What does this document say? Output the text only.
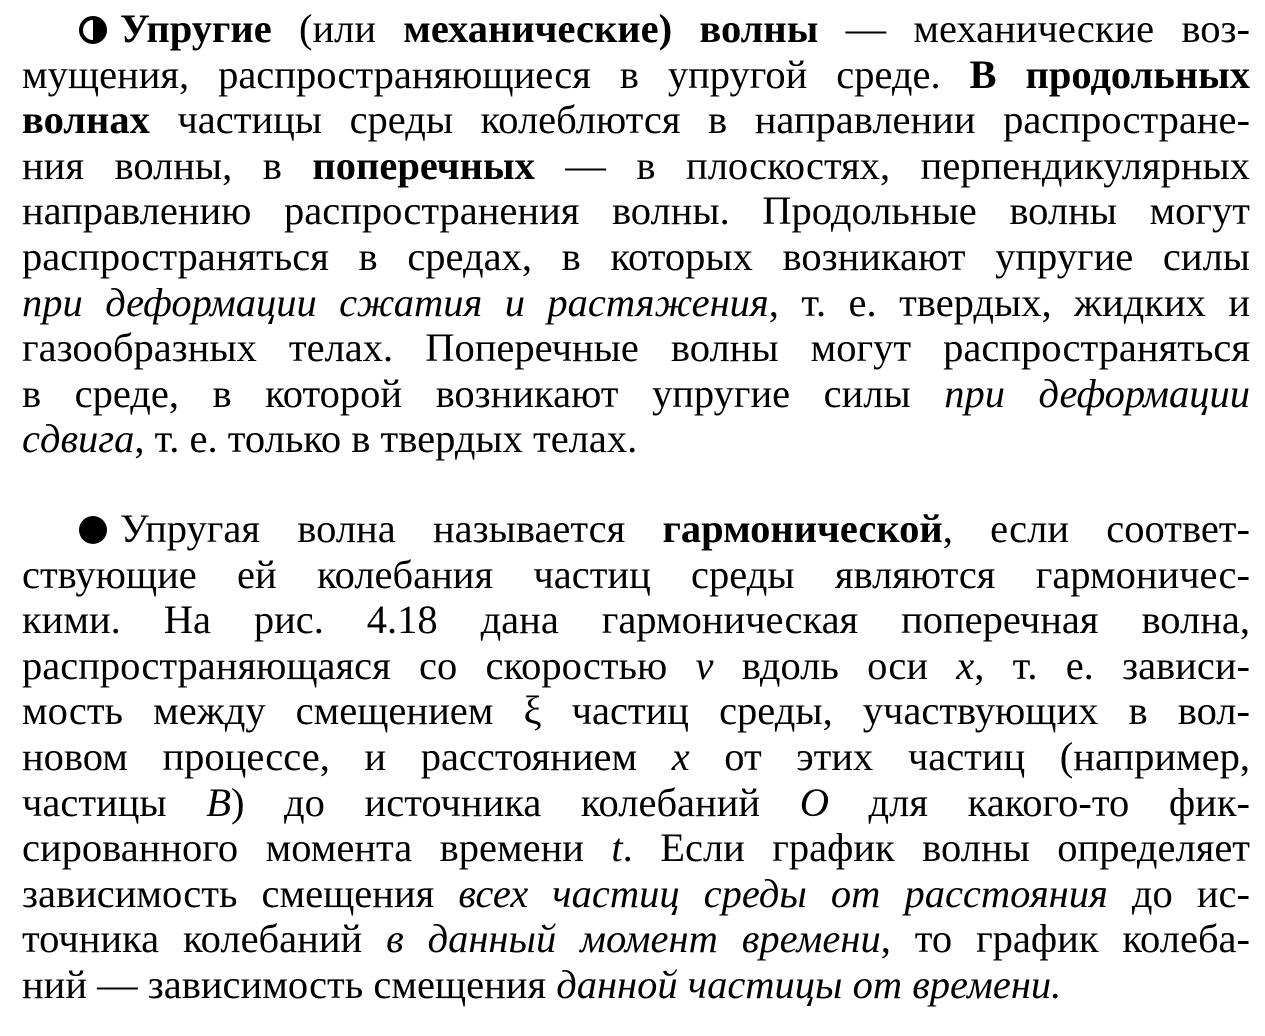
Упругие (или механические) волны — механические воз-
мущения, распространяющиеся в упругой среде. В продольных
волнах частицы среды колеблются в направлении распростране-
ния волны, в поперечных — в плоскостях, перпендикулярных
направлению распространения волны. Продольные волны могут
распространяться в средах, в которых возникают упругие силы
при деформации сжатия и растяжения, т. е. твердых, жидких и
газообразных телах. Поперечные волны могут распространяться
в среде, в которой возникают упругие силы при деформации
сдвига, т. е. только в твердых телах.

Упругая волна называется гармонической, если соответ-
ствующие ей колебания частиц среды являются гармоничес-
кими. На рис. 4.18 дана гармоническая поперечная волна,
распространяющаяся со скоростью v вдоль оси x, т. е. зависи-
мость между смещением ξ частиц среды, участвующих в вол-
новом процессе, и расстоянием x от этих частиц (например,
частицы B) до источника колебаний O для какого-то фик-
сированного момента времени t. Если график волны определяет
зависимость смещения всех частиц среды от расстояния до ис-
точника колебаний в данный момент времени, то график колеба-
ний — зависимость смещения данной частицы от времени.
